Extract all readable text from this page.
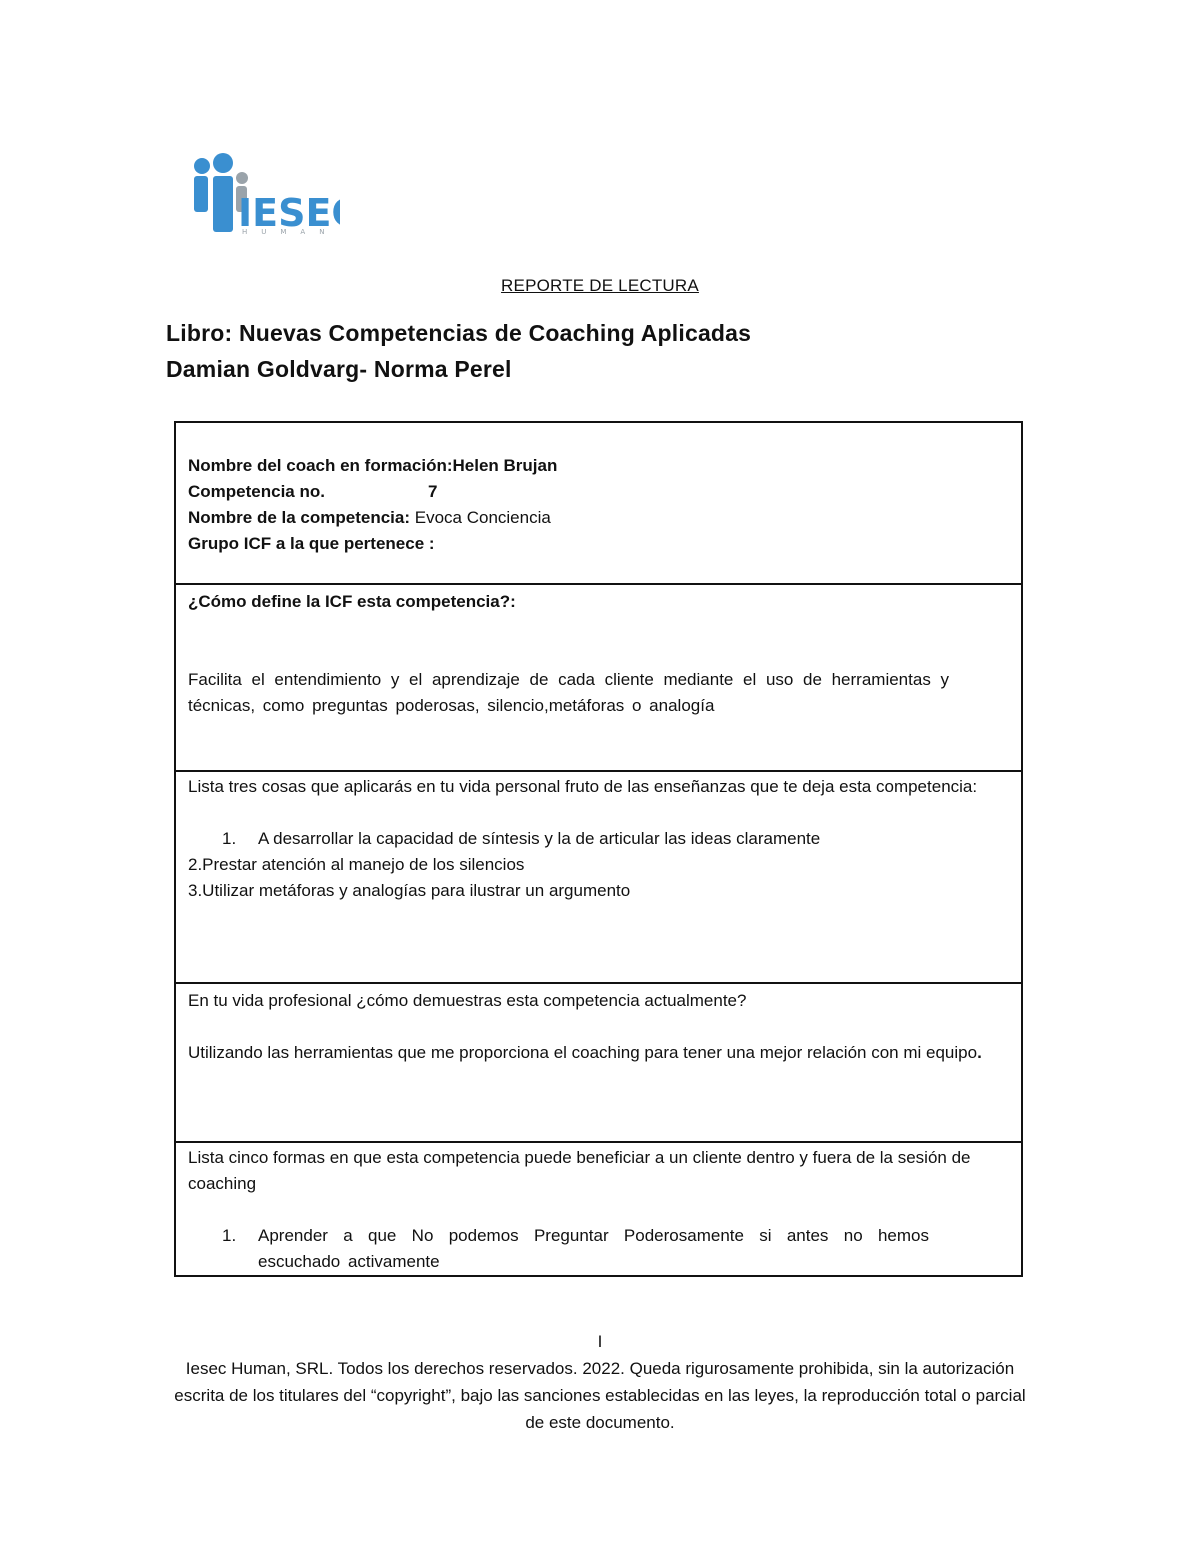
IESE
HUMAN
REPORTE DE LECTURA
Libro: Nuevas Competencias de Coaching Aplicadas
Damian Goldvarg- Norma Perel
Nombre del coach en formación:Helen Brujan
Competencia no.	7
Nombre de la competencia: Evoca Conciencia
Grupo ICF a la que pertenece :
¿Cómo define la ICF esta competencia?:
Facilita el entendimiento y el aprendizaje de cada cliente mediante el uso de herramientas y técnicas, como preguntas poderosas, silencio,metáforas o analogía
Lista tres cosas que aplicarás en tu vida personal fruto de las enseñanzas que te deja esta competencia:
1.	A desarrollar la capacidad de síntesis y la de articular las ideas claramente
2.Prestar atención al manejo de los silencios
3.Utilizar metáforas y analogías para ilustrar un argumento
En tu vida profesional ¿cómo demuestras esta competencia actualmente?
Utilizando las herramientas que me proporciona el coaching para tener una mejor relación con mi equipo.
Lista cinco formas en que esta competencia puede beneficiar a un cliente dentro y fuera de la sesión de coaching
1.	Aprender a que No podemos Preguntar Poderosamente si antes no hemos escuchado activamente
I
Iesec Human, SRL. Todos los derechos reservados. 2022. Queda rigurosamente prohibida, sin la autorización escrita de los titulares del “copyright”, bajo las sanciones establecidas en las leyes, la reproducción total o parcial de este documento.
